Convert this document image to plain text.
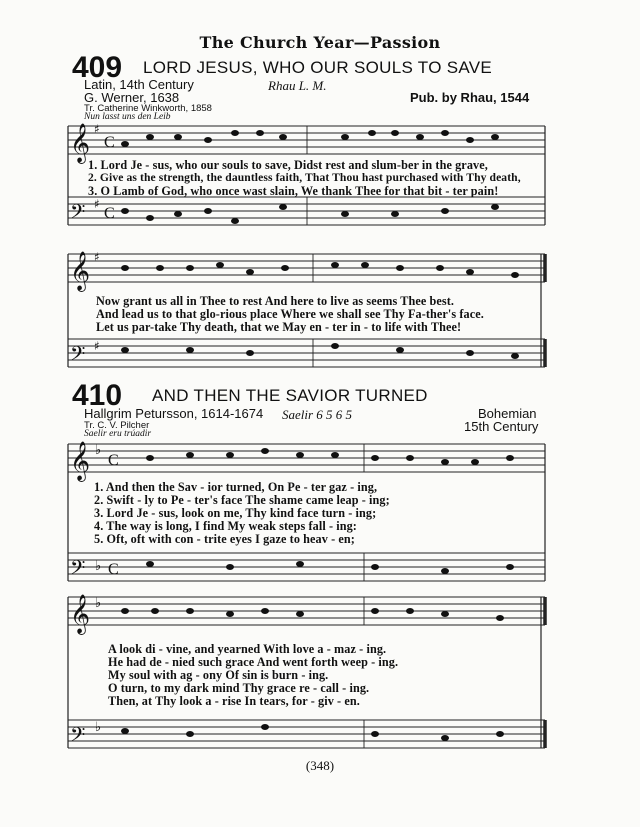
The Church Year—Passion
409 LORD JESUS, WHO OUR SOULS TO SAVE
Latin, 14th Century	Rhau L. M.
G. Werner, 1638	Pub. by Rhau, 1544
Tr. Catherine Winkworth, 1858
Nun lasst uns den Leib
𝄞
𝄢
𝄞
𝄢
𝄞
𝄢
𝄞
𝄢
♯
♯
♯
♯
♭
♭
♭
♭
C
C
C
C
1. Lord Je - sus, who our souls to save, Didst rest and slum-ber in the grave,
2. Give as the strength, the dauntless faith, That Thou hast purchased with Thy death,
3. O Lamb of God, who once wast slain, We thank Thee for that bit - ter pain!
Now grant us all in Thee to rest And here to live as seems Thee best.
And lead us to that glo-rious place Where we shall see Thy Fa-ther's face.
Let us par-take Thy death, that we May en - ter in - to life with Thee!
410 AND THEN THE SAVIOR TURNED
Hallgrim Petursson, 1614-1674 Saelir 6 5 6 5	Bohemian
15th Century
Tr. C. V. Pilcher
Saelir eru trúadir
1. And then the Sav - ior turned, On Pe - ter gaz - ing,
2. Swift - ly to Pe - ter's face The shame came leap - ing;
3. Lord Je - sus, look on me, Thy kind face turn - ing;
4. The way is long, I find My weak steps fall - ing:
5. Oft, oft with con - trite eyes I gaze to heav - en;
A look di - vine, and yearned With love a - maz - ing.
He had de - nied such grace And went forth weep - ing.
My soul with ag - ony Of sin is burn - ing.
O turn, to my dark mind Thy grace re - call - ing.
Then, at Thy look a - rise In tears, for - giv - en.
(348)
